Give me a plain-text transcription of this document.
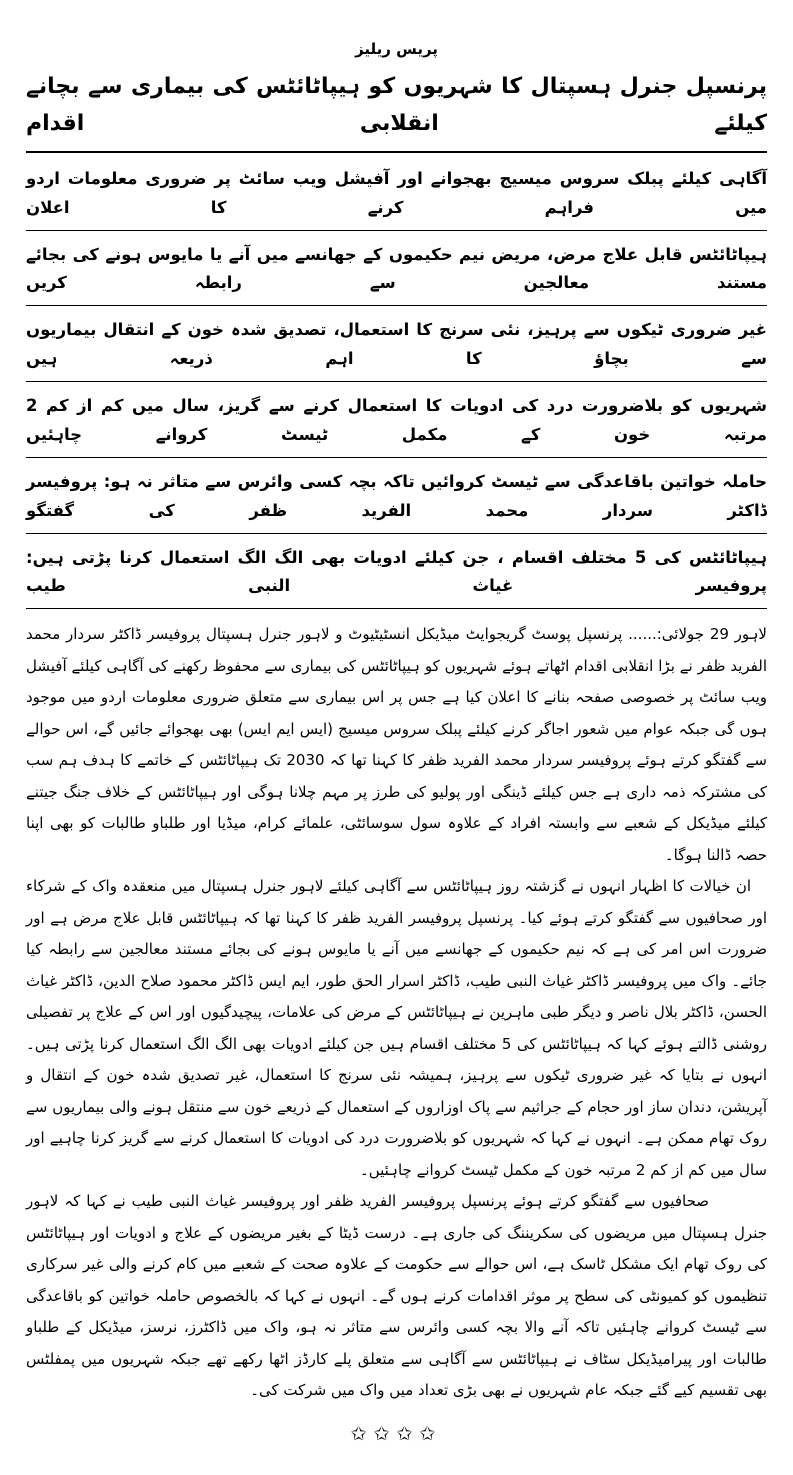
پریس ریلیز
پرنسپل جنرل ہسپتال کا شہریوں کو ہیپاٹائٹس کی بیماری سے بچانے کیلئے انقلابی اقدام
آگاہی کیلئے پبلک سروس میسیج بھجوانے اور آفیشل ویب سائٹ پر ضروری معلومات اردو میں فراہم کرنے کا اعلان
ہیپاٹائٹس قابل علاج مرض، مریض نیم حکیموں کے جھانسے میں آنے یا مایوس ہونے کی بجائے مستند معالجین سے رابطہ کریں
غیر ضروری ٹیکوں سے پرہیز، نئی سرنج کا استعمال، تصدیق شدہ خون کے انتقال بیماریوں سے بچاؤ کا اہم ذریعہ ہیں
شہریوں کو بلاضرورت درد کی ادویات کا استعمال کرنے سے گریز، سال میں کم از کم 2 مرتبہ خون کے مکمل ٹیسٹ کروانے چاہئیں
حاملہ خواتین باقاعدگی سے ٹیسٹ کروائیں تاکہ بچہ کسی وائرس سے متاثر نہ ہو: پروفیسر ڈاکٹر سردار محمد الفرید ظفر کی گفتگو
ہیپاٹائٹس کی 5 مختلف اقسام ، جن کیلئے ادویات بھی الگ الگ استعمال کرنا پڑتی ہیں: پروفیسر غیاث النبی طیب

لاہور 29 جولائی:...... پرنسپل پوسٹ گریجوایٹ میڈیکل انسٹیٹیوٹ و لاہور جنرل ہسپتال پروفیسر ڈاکٹر سردار محمد الفرید ظفر نے بڑا انقلابی اقدام اٹھاتے ہوئے شہریوں کو ہیپاٹائٹس کی بیماری سے محفوظ رکھنے کی آگاہی کیلئے آفیشل ویب سائٹ پر خصوصی صفحہ بنانے کا اعلان کیا ہے جس پر اس بیماری سے متعلق ضروری معلومات اردو میں موجود ہوں گی جبکہ عوام میں شعور اجاگر کرنے کیلئے پبلک سروس میسیج (ایس ایم ایس) بھی بھجوائے جائیں گے، اس حوالے سے گفتگو کرتے ہوئے پروفیسر سردار محمد الفرید ظفر کا کہنا تھا کہ 2030 تک ہیپاٹائٹس کے خاتمے کا ہدف ہم سب کی مشترکہ ذمہ داری ہے جس کیلئے ڈینگی اور پولیو کی طرز پر مہم چلانا ہوگی اور ہیپاٹائٹس کے خلاف جنگ جیتنے کیلئے میڈیکل کے شعبے سے وابستہ افراد کے علاوہ سول سوسائٹی، علمائے کرام، میڈیا اور طلباو طالبات کو بھی اپنا حصہ ڈالنا ہوگا۔

ان خیالات کا اظہار انہوں نے گزشتہ روز ہیپاٹائٹس سے آگاہی کیلئے لاہور جنرل ہسپتال میں منعقدہ واک کے شرکاء اور صحافیوں سے گفتگو کرتے ہوئے کیا۔ پرنسپل پروفیسر الفرید ظفر کا کہنا تھا کہ ہیپاٹائٹس قابل علاج مرض ہے اور ضرورت اس امر کی ہے کہ نیم حکیموں کے جھانسے میں آنے یا مایوس ہونے کی بجائے مستند معالجین سے رابطہ کیا جائے۔ واک میں پروفیسر ڈاکٹر غیاث النبی طیب، ڈاکٹر اسرار الحق طور، ایم ایس ڈاکٹر محمود صلاح الدین، ڈاکٹر غیاث الحسن، ڈاکٹر بلال ناصر و دیگر طبی ماہرین نے ہیپاٹائٹس کے مرض کی علامات، پیچیدگیوں اور اس کے علاج پر تفصیلی روشنی ڈالتے ہوئے کہا کہ ہیپاٹائٹس کی 5 مختلف اقسام ہیں جن کیلئے ادویات بھی الگ الگ استعمال کرنا پڑتی ہیں۔ انہوں نے بتایا کہ غیر ضروری ٹیکوں سے پرہیز، ہمیشہ نئی سرنج کا استعمال، غیر تصدیق شدہ خون کے انتقال و آپریشن، دندان ساز اور حجام کے جراثیم سے پاک اوزاروں کے استعمال کے ذریعے خون سے منتقل ہونے والی بیماریوں سے روک تھام ممکن ہے۔ انہوں نے کہا کہ شہریوں کو بلاضرورت درد کی ادویات کا استعمال کرنے سے گریز کرنا چاہیے اور سال میں کم از کم 2 مرتبہ خون کے مکمل ٹیسٹ کروانے چاہئیں۔

صحافیوں سے گفتگو کرتے ہوئے پرنسپل پروفیسر الفرید ظفر اور پروفیسر غیاث النبی طیب نے کہا کہ لاہور جنرل ہسپتال میں مریضوں کی سکریننگ کی جاری ہے۔ درست ڈیٹا کے بغیر مریضوں کے علاج و ادویات اور ہیپاٹائٹس کی روک تھام ایک مشکل ٹاسک ہے، اس حوالے سے حکومت کے علاوہ صحت کے شعبے میں کام کرنے والی غیر سرکاری تنظیموں کو کمیونٹی کی سطح پر موثر اقدامات کرنے ہوں گے۔ انہوں نے کہا کہ بالخصوص حاملہ خواتین کو باقاعدگی سے ٹیسٹ کروانے چاہئیں تاکہ آنے والا بچہ کسی وائرس سے متاثر نہ ہو، واک میں ڈاکٹرز، نرسز، میڈیکل کے طلباو طالبات اور پیرامیڈیکل سٹاف نے ہیپاٹائٹس سے آگاہی سے متعلق پلے کارڈز اٹھا رکھے تھے جبکہ شہریوں میں پمفلٹس بھی تقسیم کیے گئے جبکہ عام شہریوں نے بھی بڑی تعداد میں واک میں شرکت کی۔

✩✩✩✩
